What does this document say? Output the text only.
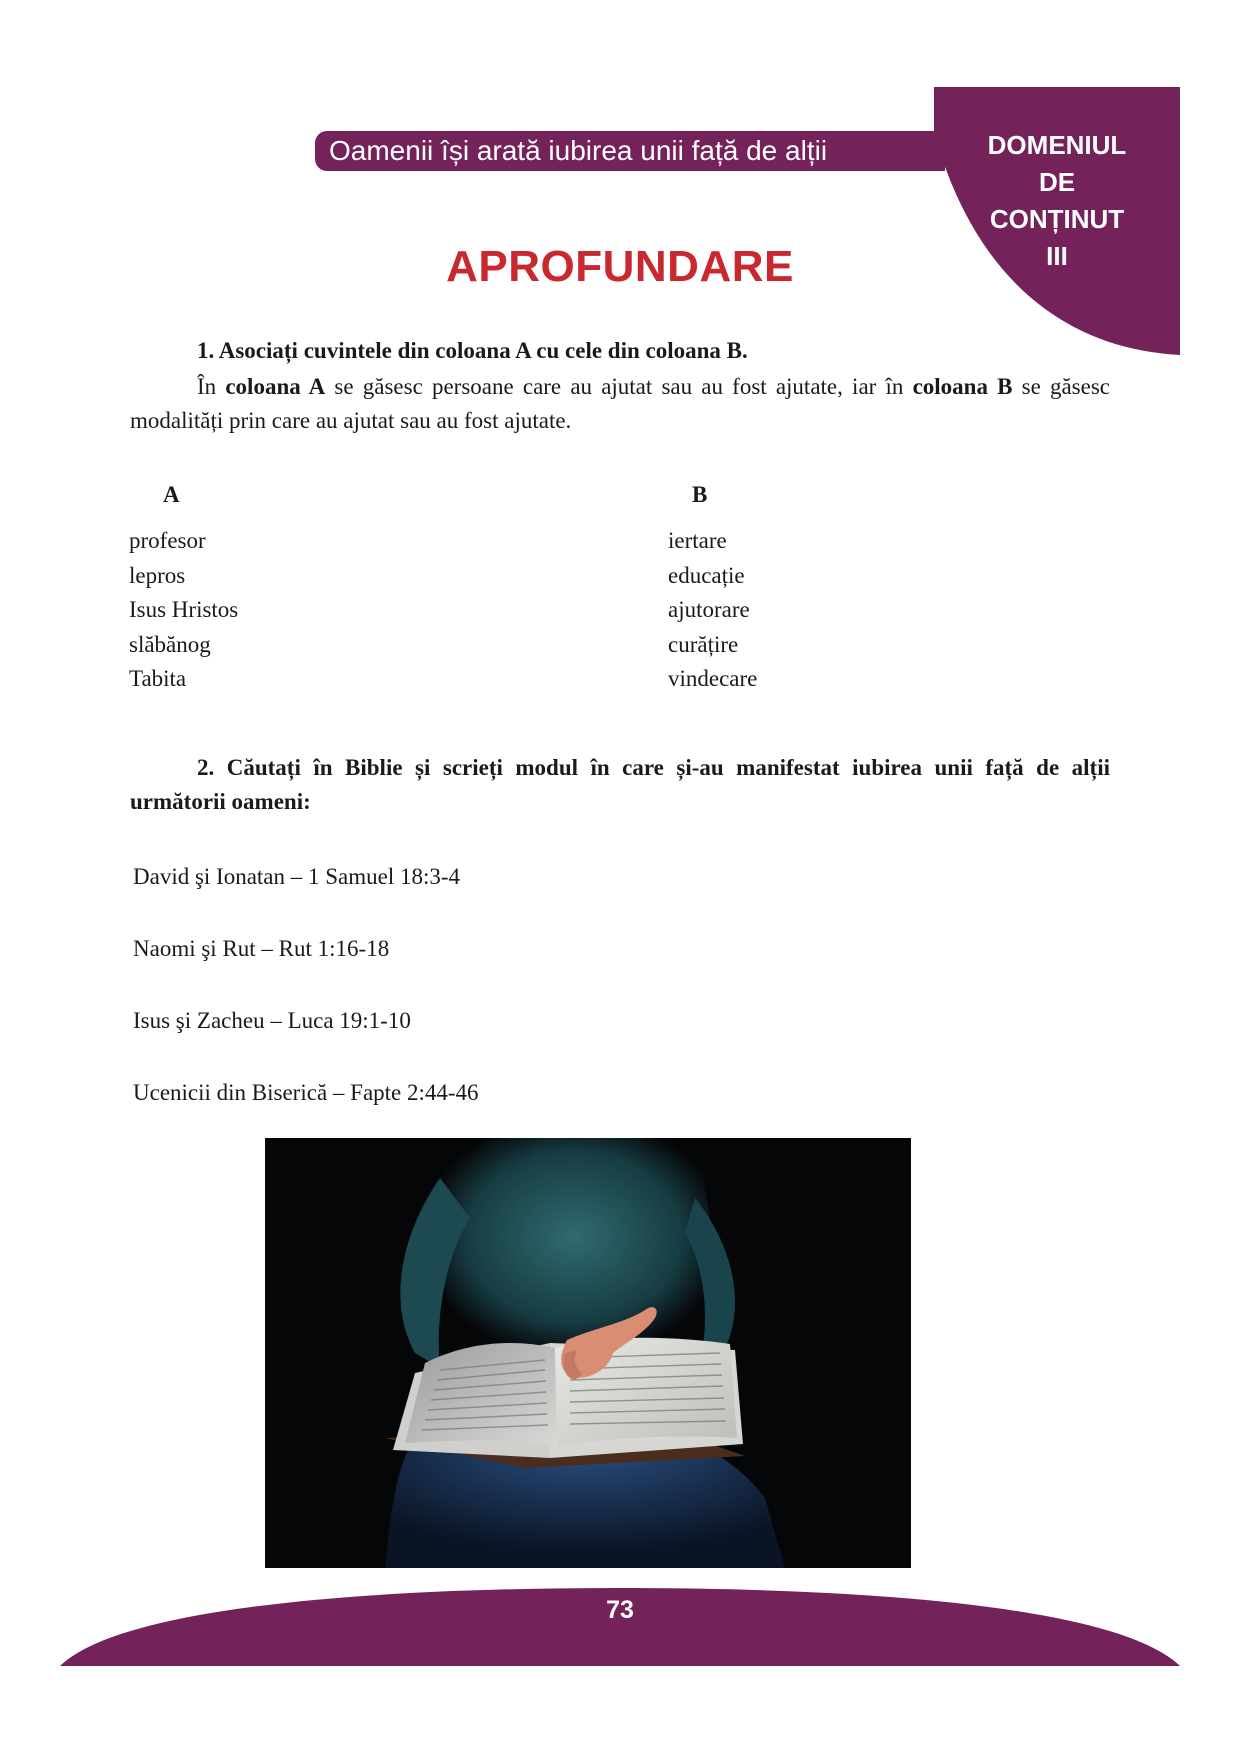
DOMENIUL
DE
CONȚINUT
III
Oamenii își arată iubirea unii față de alții
APROFUNDARE
1. Asociați cuvintele din coloana A cu cele din coloana B.
În coloana A se găsesc persoane care au ajutat sau au fost ajutate, iar în coloana B se găsesc modalități prin care au ajutat sau au fost ajutate.
A	B
profesor
lepros
Isus Hristos
slăbănog
Tabita
iertare
educație
ajutorare
curățire
vindecare
2. Căutați în Biblie și scrieți modul în care și-au manifestat iubirea unii față de alții următorii oameni:
David şi Ionatan – 1 Samuel 18:3-4
Naomi şi Rut – Rut 1:16-18
Isus şi Zacheu – Luca 19:1-10
Ucenicii din Biserică – Fapte 2:44-46
73
